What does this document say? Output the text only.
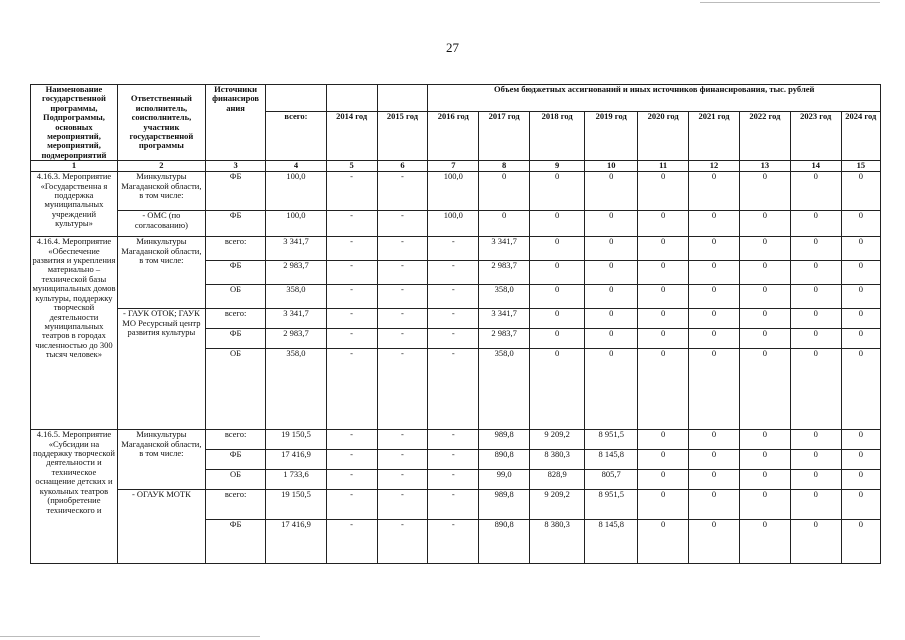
27
Наименование государственной программы, Подпрограммы, основных мероприятий, мероприятий, подмероприятий	Ответственный исполнитель, соисполнитель, участник государственной программы	Источники финансиров ания				Объем бюджетных ассигнований и иных источников финансирования, тыс. рублей								
			всего:	2014 год	2015 год	2016 год	2017 год	2018 год	2019 год	2020 год	2021 год	2022 год	2023 год	2024 год
1	2	3	4	5	6	7	8	9	10	11	12	13	14	15
4.16.3. Мероприятие «Государственна я поддержка муниципальных учреждений культуры»	Минкультуры Магаданской области, в том числе:	ФБ	100,0	-	-	100,0	0	0	0	0	0	0	0	0
	- ОМС (по согласованию)	ФБ	100,0	-	-	100,0	0	0	0	0	0	0	0	0
4.16.4. Мероприятие «Обеспечение развития и укрепления материально – технической базы муниципальных домов культуры, поддержку творческой деятельности муниципальных театров в городах численностью до 300 тысяч человек»	Минкультуры Магаданской области, в том числе:	всего:	3 341,7	-	-	-	3 341,7	0	0	0	0	0	0	0
		ФБ	2 983,7	-	-	-	2 983,7	0	0	0	0	0	0	0
		ОБ	358,0	-	-	-	358,0	0	0	0	0	0	0	0
	- ГАУК ОТОК; ГАУК МО Ресурсный центр развития культуры	всего:	3 341,7	-	-	-	3 341,7	0	0	0	0	0	0	0
		ФБ	2 983,7	-	-	-	2 983,7	0	0	0	0	0	0	0
		ОБ	358,0	-	-	-	358,0	0	0	0	0	0	0	0
4.16.5. Мероприятие «Субсидии на поддержку творческой деятельности и техническое оснащение детских и кукольных театров (приобретение технического и	Минкультуры Магаданской области, в том числе:	всего:	19 150,5	-	-	-	989,8	9 209,2	8 951,5	0	0	0	0	0
		ФБ	17 416,9	-	-	-	890,8	8 380,3	8 145,8	0	0	0	0	0
		ОБ	1 733,6	-	-	-	99,0	828,9	805,7	0	0	0	0	0
	- ОГАУК МОТК	всего:	19 150,5	-	-	-	989,8	9 209,2	8 951,5	0	0	0	0	0
		ФБ	17 416,9	-	-	-	890,8	8 380,3	8 145,8	0	0	0	0	0
